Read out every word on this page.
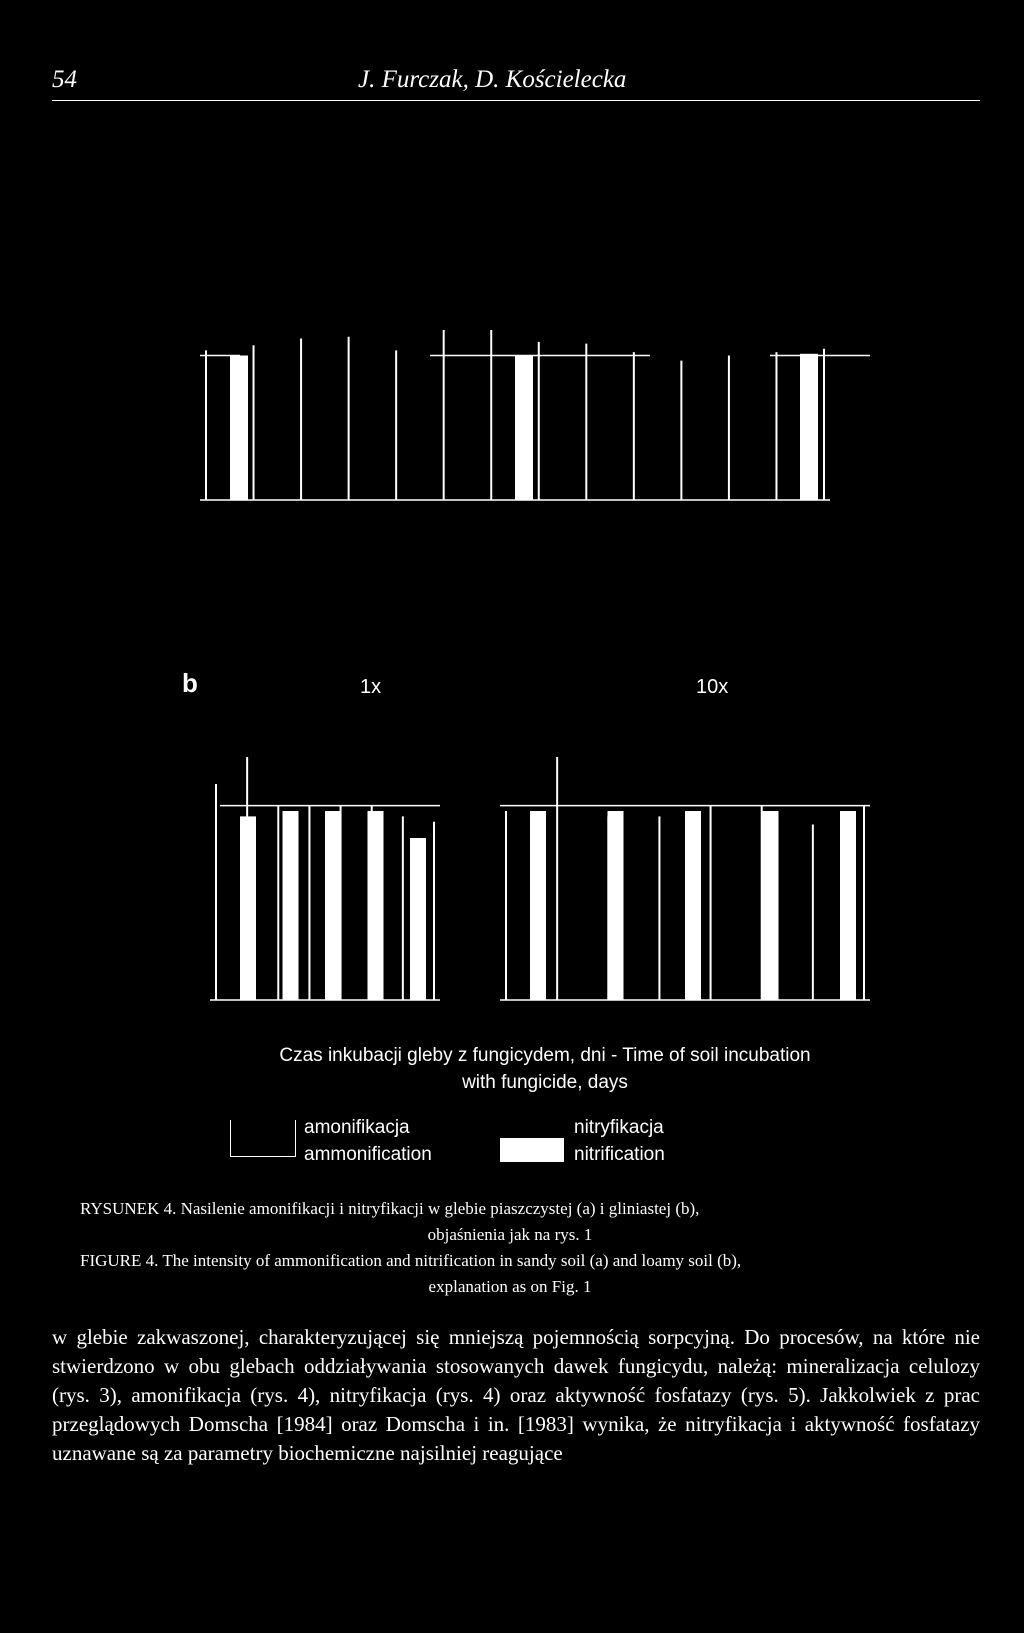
54	J. Furczak, D. Kościelecka
b	1x	10x
Czas inkubacji gleby z fungicydem, dni - Time of soil incubation
with fungicide, days
amonifikacja
ammonification
nitryfikacja
nitrification
RYSUNEK 4. Nasilenie amonifikacji i nitryfikacji w glebie piaszczystej (a) i gliniastej (b),
objaśnienia jak na rys. 1
FIGURE 4. The intensity of ammonification and nitrification in sandy soil (a) and loamy soil (b),
explanation as on Fig. 1
w glebie zakwaszonej, charakteryzującej się mniejszą pojemnością sorpcyjną. Do procesów, na które nie stwierdzono w obu glebach oddziaływania stosowanych dawek fungicydu, należą: mineralizacja celulozy (rys. 3), amonifikacja (rys. 4), nitryfikacja (rys. 4) oraz aktywność fosfatazy (rys. 5). Jakkolwiek z prac przeglądowych Domscha [1984] oraz Domscha i in. [1983] wynika, że nitryfikacja i aktywność fosfatazy uznawane są za parametry biochemiczne najsilniej reagujące
